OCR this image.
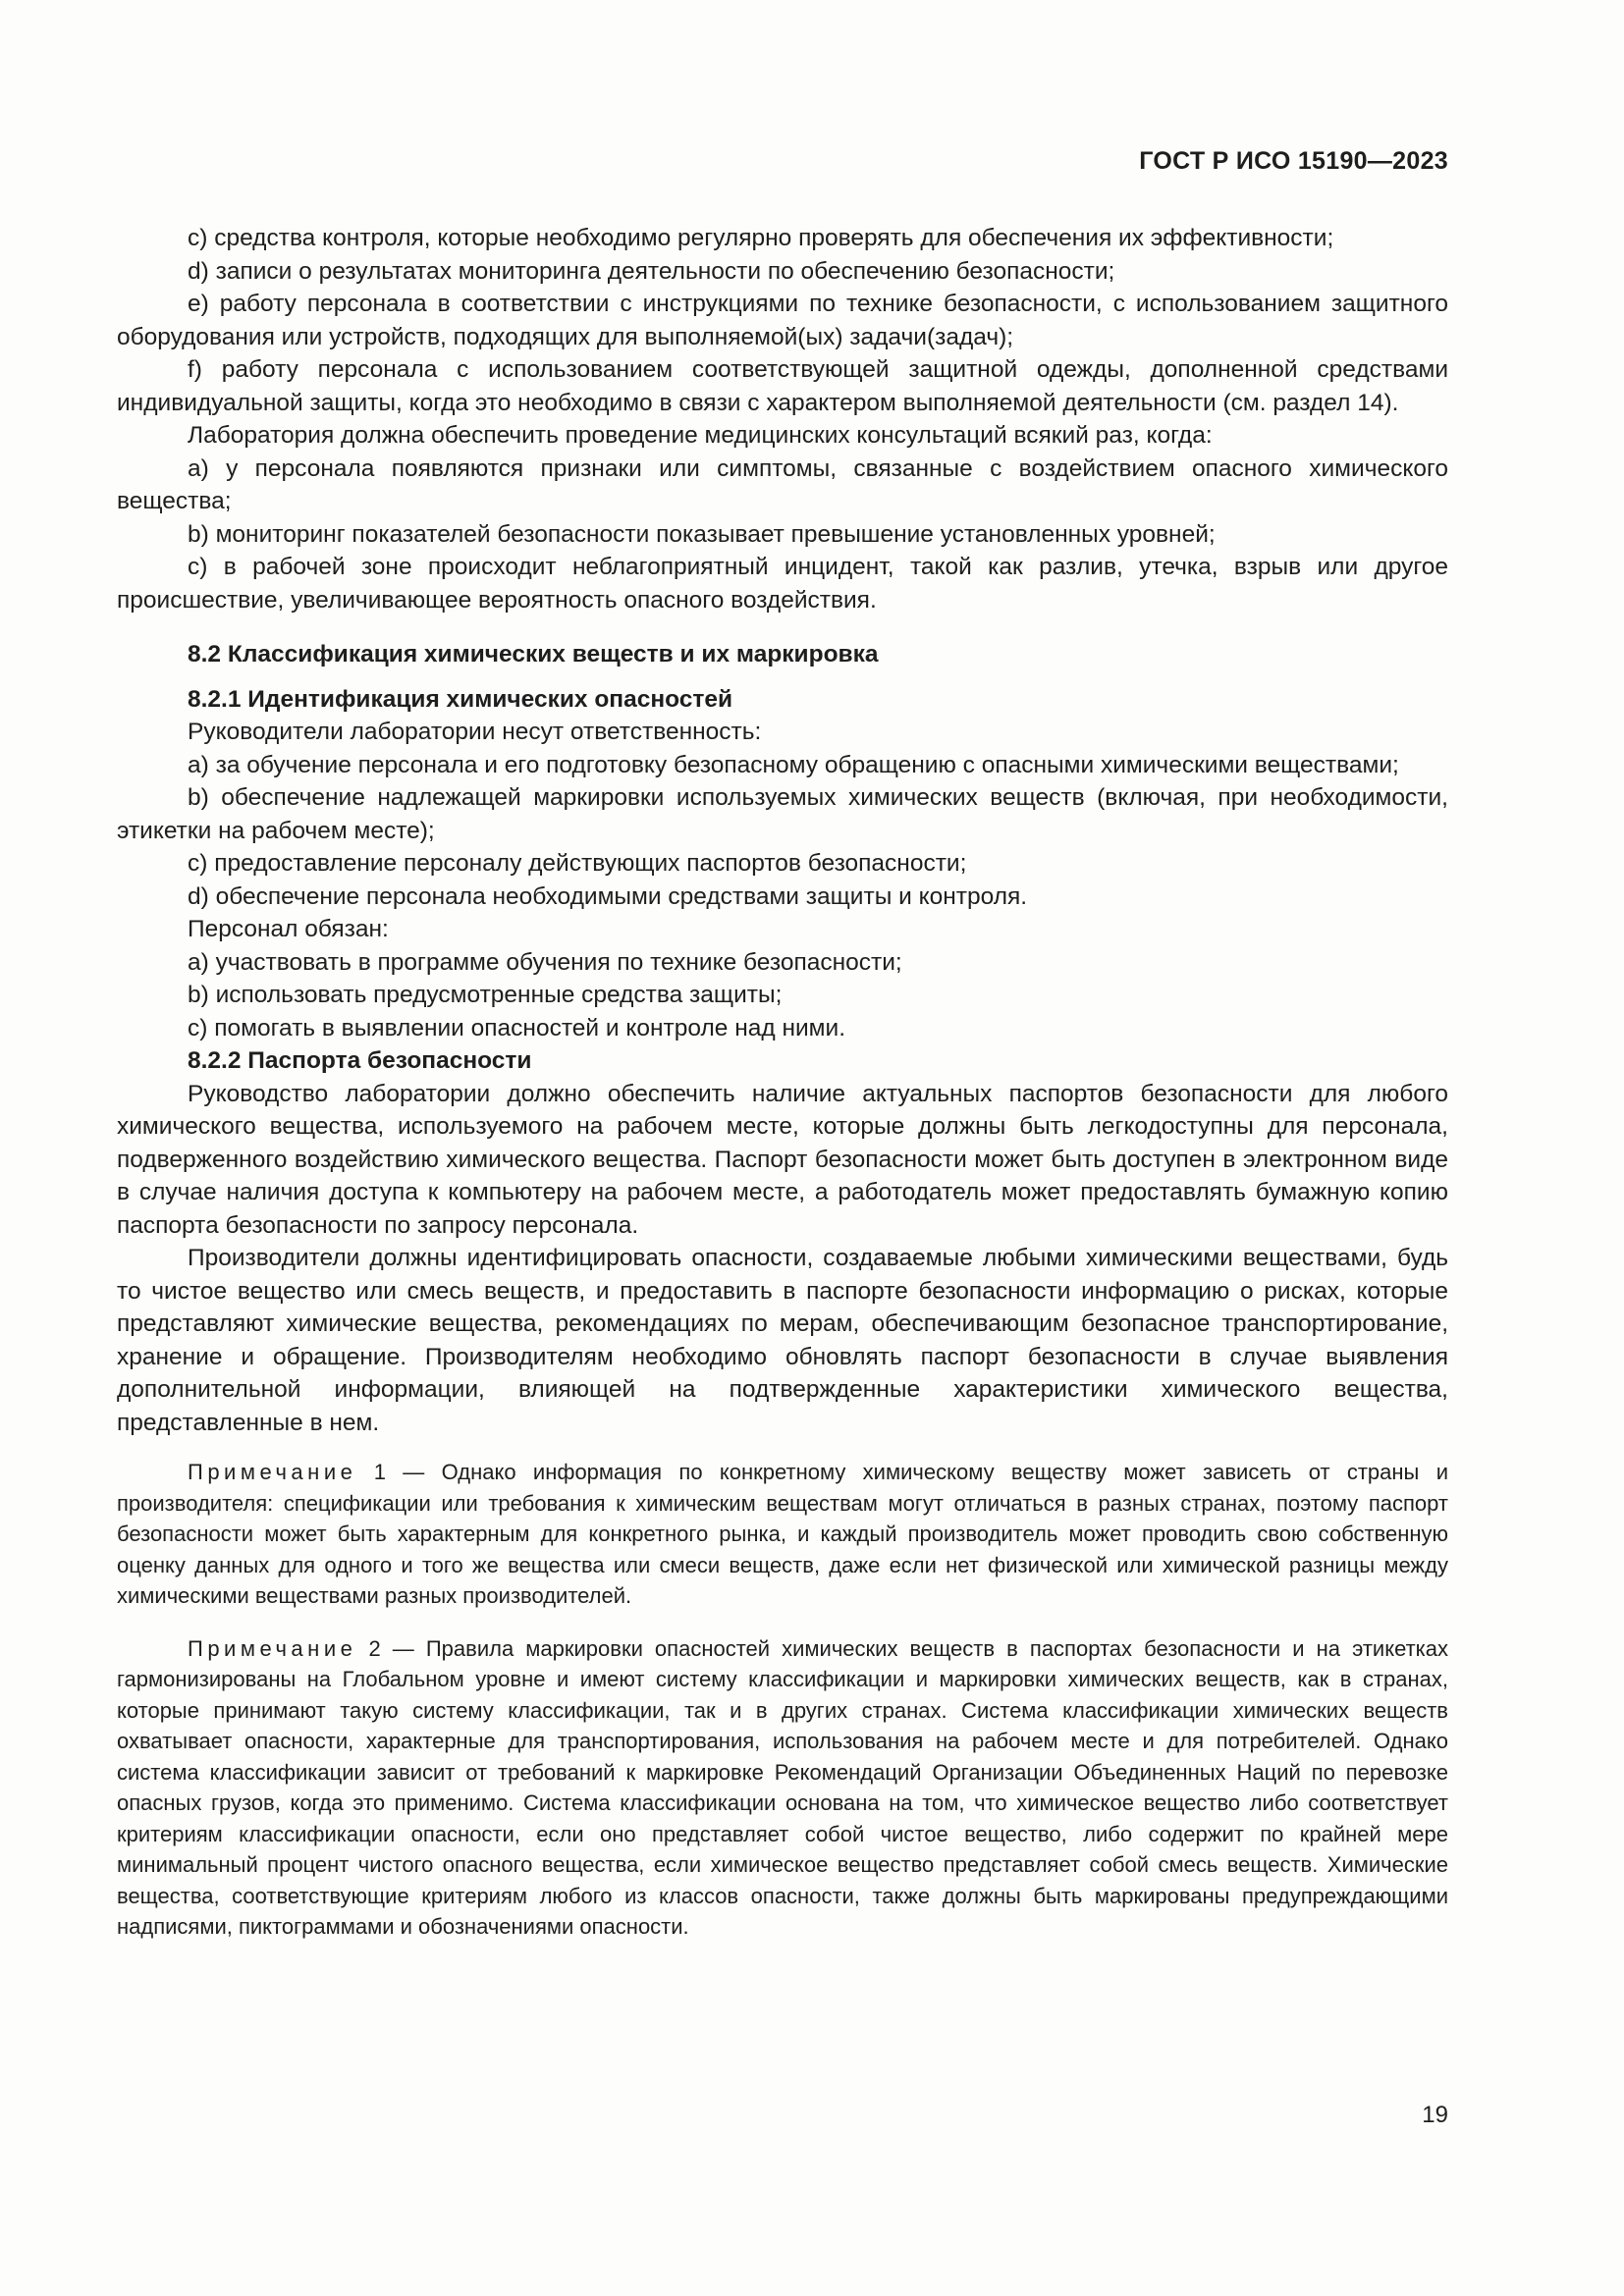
ГОСТ Р ИСО 15190—2023

c) средства контроля, которые необходимо регулярно проверять для обеспечения их эффективности;

d) записи о результатах мониторинга деятельности по обеспечению безопасности;

e) работу персонала в соответствии с инструкциями по технике безопасности, с использованием защитного оборудования или устройств, подходящих для выполняемой(ых) задачи(задач);

f) работу персонала с использованием соответствующей защитной одежды, дополненной средствами индивидуальной защиты, когда это необходимо в связи с характером выполняемой деятельности (см. раздел 14).

Лаборатория должна обеспечить проведение медицинских консультаций всякий раз, когда:

a) у персонала появляются признаки или симптомы, связанные с воздействием опасного химического вещества;

b) мониторинг показателей безопасности показывает превышение установленных уровней;

c) в рабочей зоне происходит неблагоприятный инцидент, такой как разлив, утечка, взрыв или другое происшествие, увеличивающее вероятность опасного воздействия.

8.2 Классификация химических веществ и их маркировка

8.2.1 Идентификация химических опасностей

Руководители лаборатории несут ответственность:

a) за обучение персонала и его подготовку безопасному обращению с опасными химическими веществами;

b) обеспечение надлежащей маркировки используемых химических веществ (включая, при необходимости, этикетки на рабочем месте);

c) предоставление персоналу действующих паспортов безопасности;

d) обеспечение персонала необходимыми средствами защиты и контроля.

Персонал обязан:

a) участвовать в программе обучения по технике безопасности;

b) использовать предусмотренные средства защиты;

c) помогать в выявлении опасностей и контроле над ними.

8.2.2 Паспорта безопасности

Руководство лаборатории должно обеспечить наличие актуальных паспортов безопасности для любого химического вещества, используемого на рабочем месте, которые должны быть легкодоступны для персонала, подверженного воздействию химического вещества. Паспорт безопасности может быть доступен в электронном виде в случае наличия доступа к компьютеру на рабочем месте, а работодатель может предоставлять бумажную копию паспорта безопасности по запросу персонала.

Производители должны идентифицировать опасности, создаваемые любыми химическими веществами, будь то чистое вещество или смесь веществ, и предоставить в паспорте безопасности информацию о рисках, которые представляют химические вещества, рекомендациях по мерам, обеспечивающим безопасное транспортирование, хранение и обращение. Производителям необходимо обновлять паспорт безопасности в случае выявления дополнительной информации, влияющей на подтвержденные характеристики химического вещества, представленные в нем.

Примечание 1 — Однако информация по конкретному химическому веществу может зависеть от страны и производителя: спецификации или требования к химическим веществам могут отличаться в разных странах, поэтому паспорт безопасности может быть характерным для конкретного рынка, и каждый производитель может проводить свою собственную оценку данных для одного и того же вещества или смеси веществ, даже если нет физической или химической разницы между химическими веществами разных производителей.

Примечание 2 — Правила маркировки опасностей химических веществ в паспортах безопасности и на этикетках гармонизированы на Глобальном уровне и имеют систему классификации и маркировки химических веществ, как в странах, которые принимают такую систему классификации, так и в других странах. Система классификации химических веществ охватывает опасности, характерные для транспортирования, использования на рабочем месте и для потребителей. Однако система классификации зависит от требований к маркировке Рекомендаций Организации Объединенных Наций по перевозке опасных грузов, когда это применимо. Система классификации основана на том, что химическое вещество либо соответствует критериям классификации опасности, если оно представляет собой чистое вещество, либо содержит по крайней мере минимальный процент чистого опасного вещества, если химическое вещество представляет собой смесь веществ. Химические вещества, соответствующие критериям любого из классов опасности, также должны быть маркированы предупреждающими надписями, пиктограммами и обозначениями опасности.

19
